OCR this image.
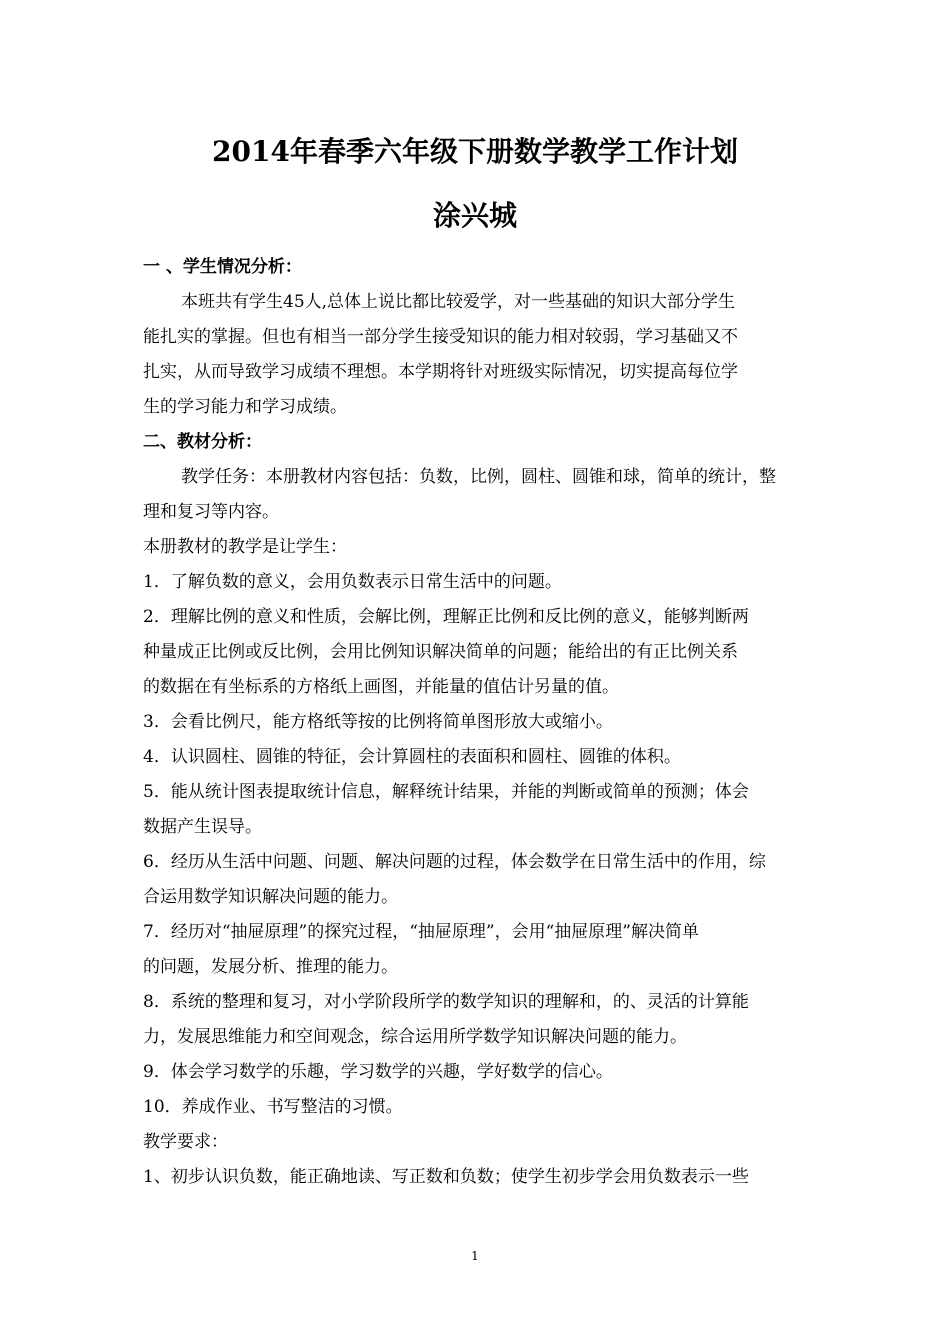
2014年春季六年级下册数学教学工作计划
涂兴城
一 、学生情况分析：
本班共有学生45人,总体上说比都比较爱学，对一些基础的知识大部分学生
能扎实的掌握。但也有相当一部分学生接受知识的能力相对较弱，学习基础又不
扎实，从而导致学习成绩不理想。本学期将针对班级实际情况，切实提高每位学
生的学习能力和学习成绩。
二、教材分析：
教学任务：本册教材内容包括：负数，比例，圆柱、圆锥和球，简单的统计，整
理和复习等内容。
本册教材的教学是让学生：
1．了解负数的意义，会用负数表示日常生活中的问题。
2．理解比例的意义和性质，会解比例，理解正比例和反比例的意义，能够判断两
种量成正比例或反比例，会用比例知识解决简单的问题；能给出的有正比例关系
的数据在有坐标系的方格纸上画图，并能量的值估计另量的值。
3．会看比例尺，能方格纸等按的比例将简单图形放大或缩小。
4．认识圆柱、圆锥的特征，会计算圆柱的表面积和圆柱、圆锥的体积。
5．能从统计图表提取统计信息，解释统计结果，并能的判断或简单的预测；体会
数据产生误导。
6．经历从生活中问题、问题、解决问题的过程，体会数学在日常生活中的作用，综
合运用数学知识解决问题的能力。
7．经历对“抽屉原理”的探究过程，“抽屉原理”，会用“抽屉原理”解决简单
的问题，发展分析、推理的能力。
8．系统的整理和复习，对小学阶段所学的数学知识的理解和，的、灵活的计算能
力，发展思维能力和空间观念，综合运用所学数学知识解决问题的能力。
9．体会学习数学的乐趣，学习数学的兴趣，学好数学的信心。
10．养成作业、书写整洁的习惯。
教学要求：
1、初步认识负数，能正确地读、写正数和负数；使学生初步学会用负数表示一些
1
